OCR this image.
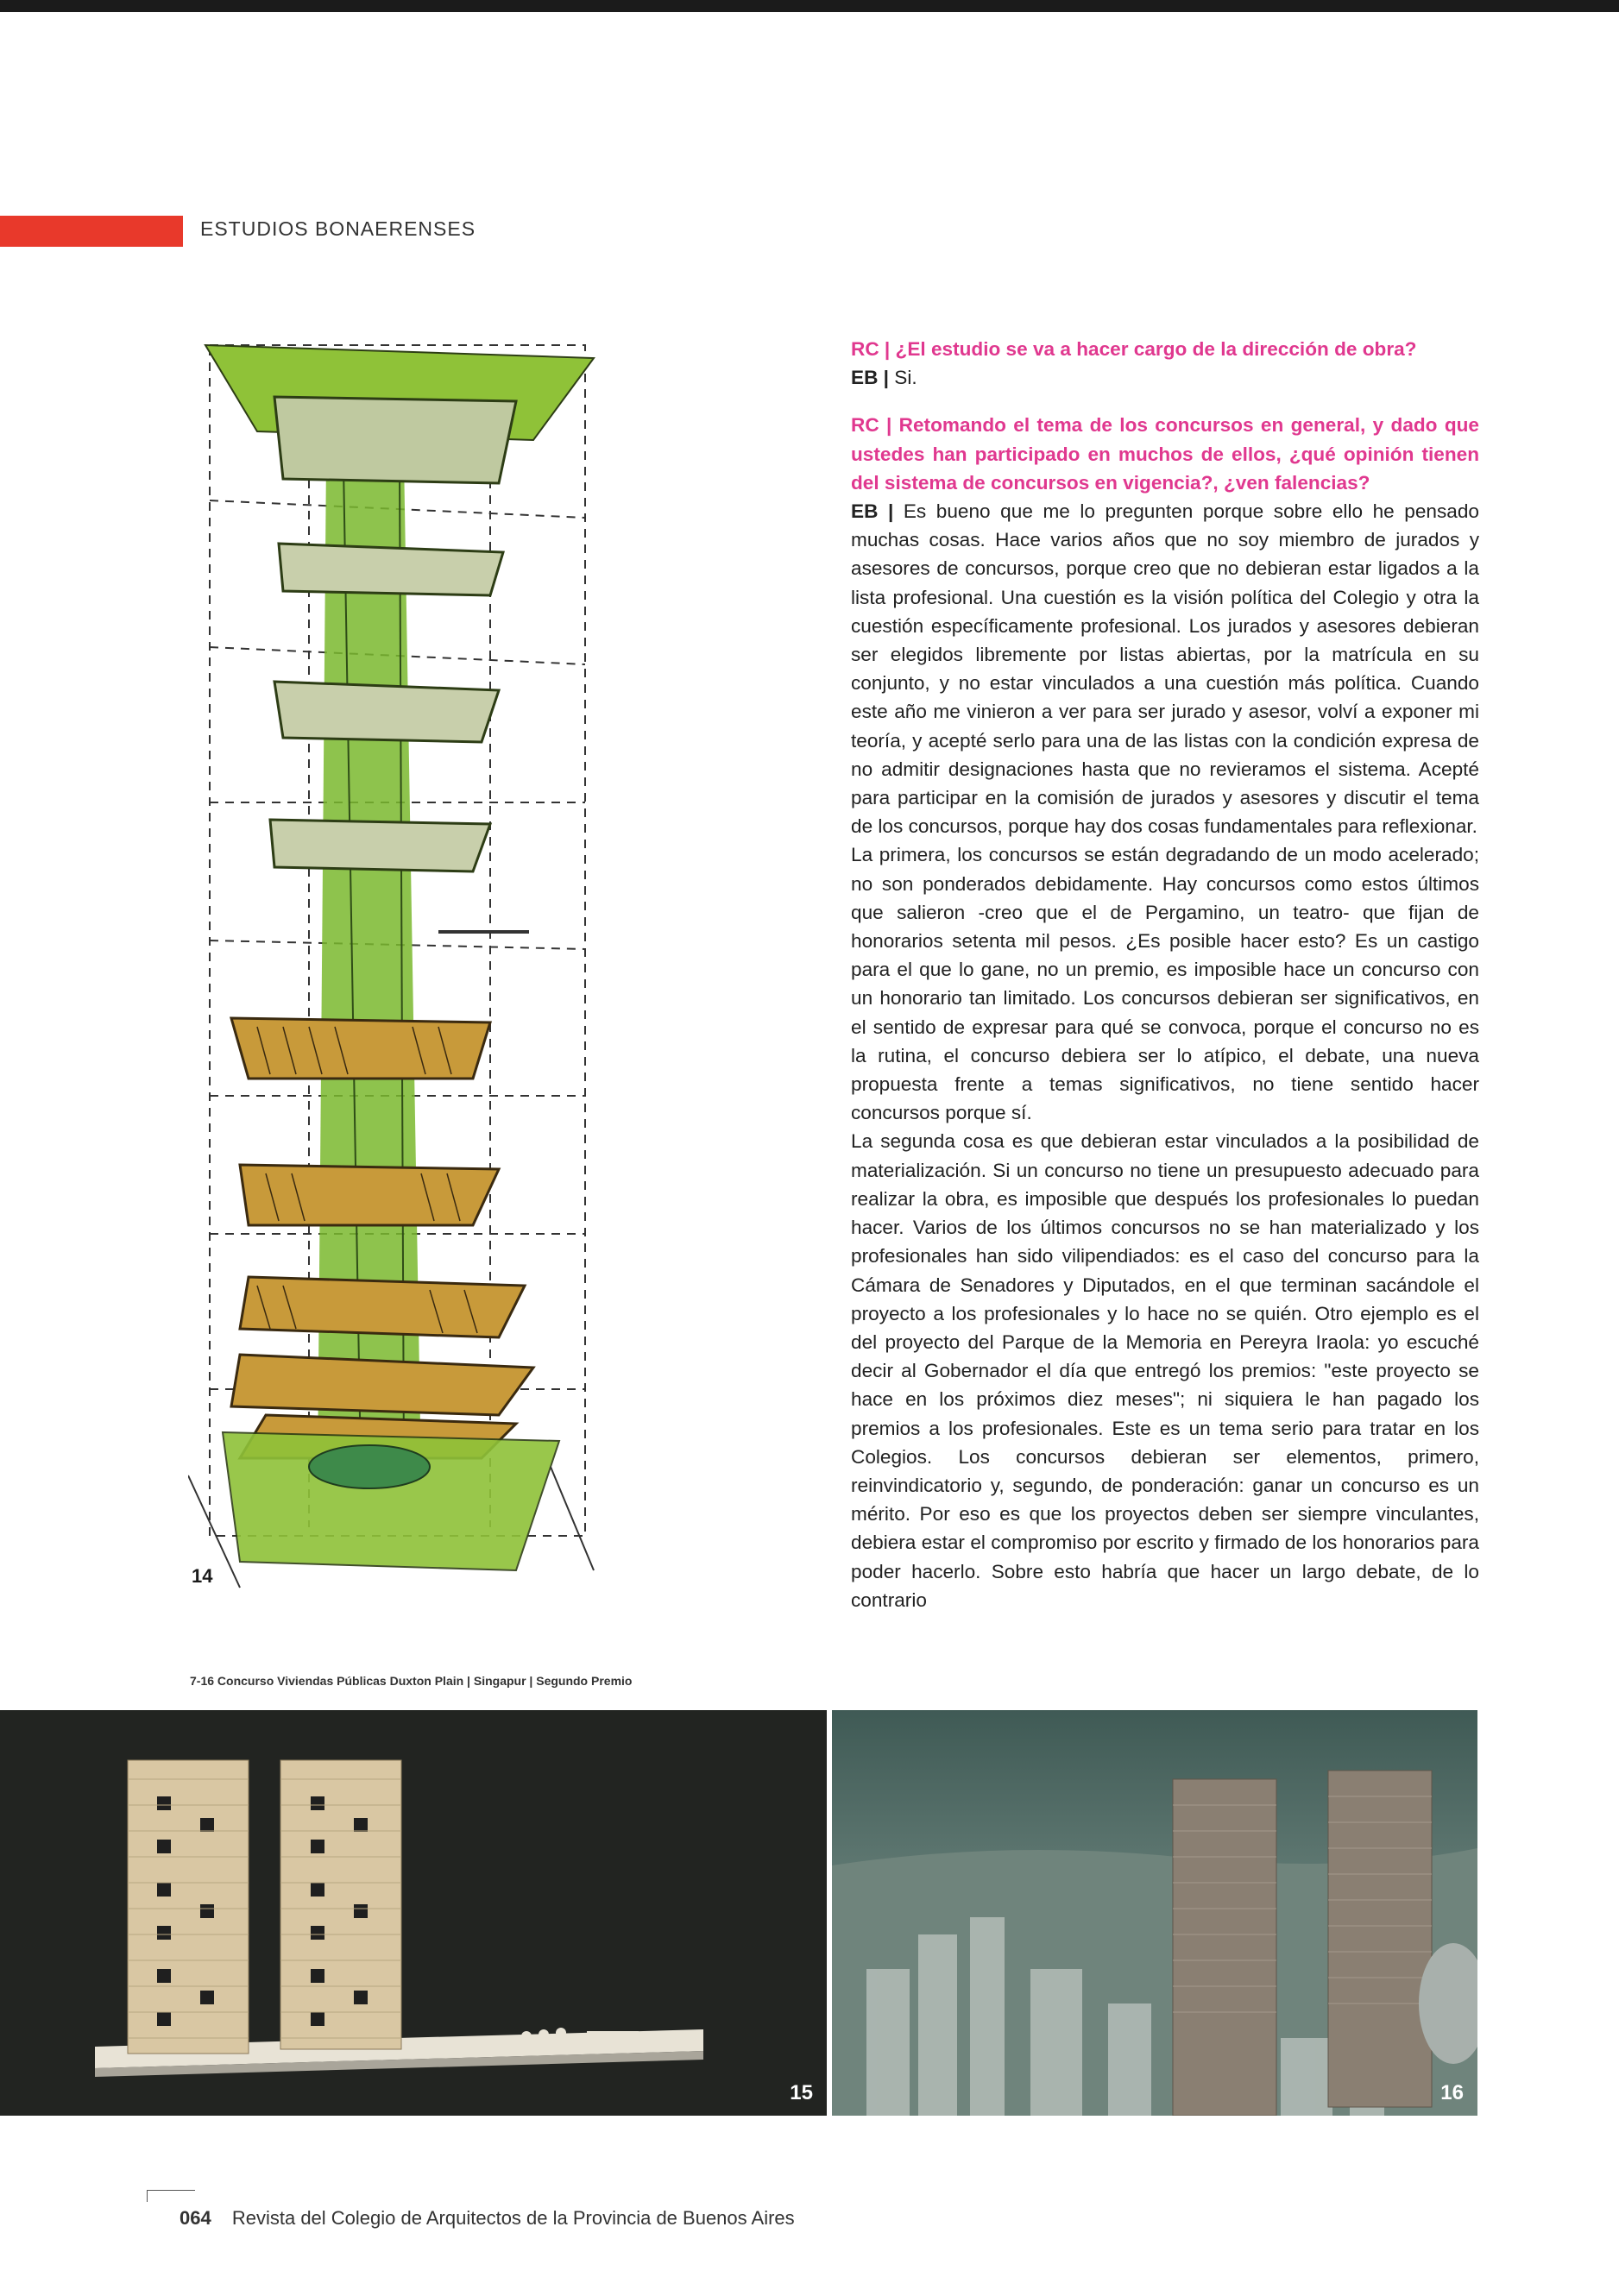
ESTUDIOS BONAERENSES
14

RC | ¿El estudio se va a hacer cargo de la dirección de obra?

EB | Si.

RC | Retomando el tema de los concursos en general, y dado que ustedes han participado en muchos de ellos, ¿qué opinión tienen del sistema de concursos en vigencia?, ¿ven falencias?

EB | Es bueno que me lo pregunten porque sobre ello he pensado muchas cosas. Hace varios años que no soy miembro de jurados y asesores de concursos, porque creo que no debieran estar ligados a la lista profesional. Una cuestión es la visión política del Colegio y otra la cuestión específicamente profesional. Los jurados y asesores debieran ser elegidos libremente por listas abiertas, por la matrícula en su conjunto, y no estar vinculados a una cuestión más política. Cuando este año me vinieron a ver para ser jurado y asesor, volví a exponer mi teoría, y acepté serlo para una de las listas con la condición expresa de no admitir designaciones hasta que no revieramos el sistema. Acepté para participar en la comisión de jurados y asesores y discutir el tema de los concursos, porque hay dos cosas fundamentales para reflexionar.

La primera, los concursos se están degradando de un modo acelerado; no son ponderados debidamente. Hay concursos como estos últimos que salieron -creo que el de Pergamino, un teatro- que fijan de honorarios setenta mil pesos. ¿Es posible hacer esto? Es un castigo para el que lo gane, no un premio, es imposible hace un concurso con un honorario tan limitado. Los concursos debieran ser significativos, en el sentido de expresar para qué se convoca, porque el concurso no es la rutina, el concurso debiera ser lo atípico, el debate, una nueva propuesta frente a temas significativos, no tiene sentido hacer concursos porque sí.

La segunda cosa es que debieran estar vinculados a la posibilidad de materialización. Si un concurso no tiene un presupuesto adecuado para realizar la obra, es imposible que después los profesionales lo puedan hacer. Varios de los últimos concursos no se han materializado y los profesionales han sido vilipendiados: es el caso del concurso para la Cámara de Senadores y Diputados, en el que terminan sacándole el proyecto a los profesionales y lo hace no se quién. Otro ejemplo es el del proyecto del Parque de la Memoria en Pereyra Iraola: yo escuché decir al Gobernador el día que entregó los premios: "este proyecto se hace en los próximos diez meses"; ni siquiera le han pagado los premios a los profesionales. Este es un tema serio para tratar en los Colegios. Los concursos debieran ser elementos, primero, reinvindicatorio y, segundo, de ponderación: ganar un concurso es un mérito. Por eso es que los proyectos deben ser siempre vinculantes, debiera estar el compromiso por escrito y firmado de los honorarios para poder hacerlo. Sobre esto habría que hacer un largo debate, de lo contrario

7-16 Concurso Viviendas Públicas Duxton Plain | Singapur | Segundo Premio
15	16
064 Revista del Colegio de Arquitectos de la Provincia de Buenos Aires
